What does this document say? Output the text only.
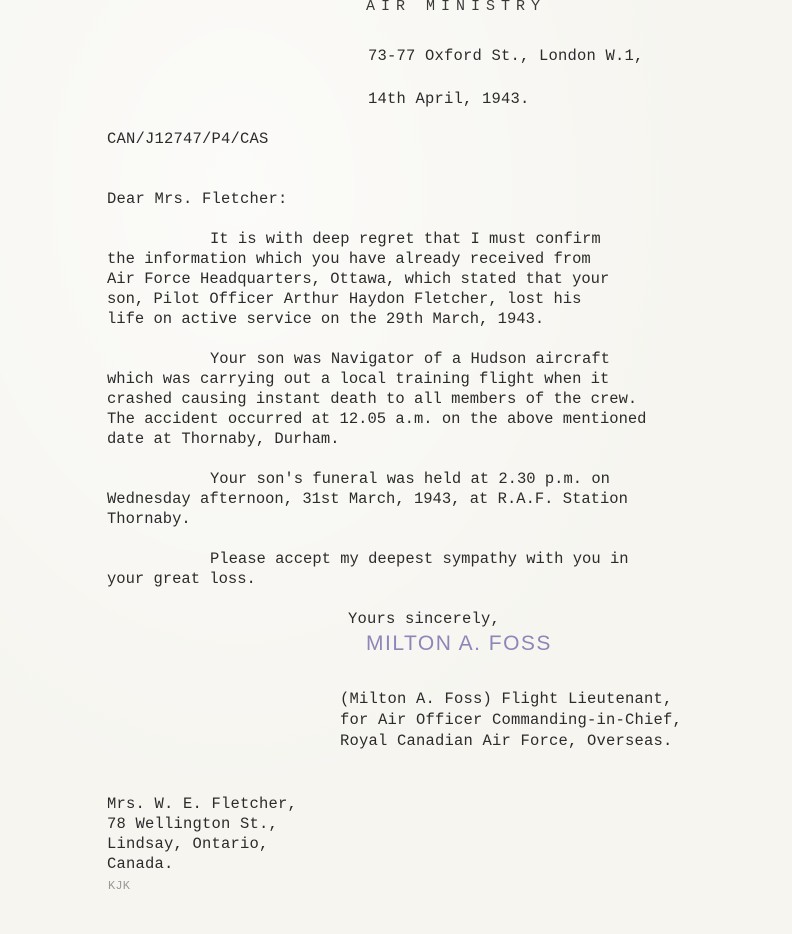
AIR MINISTRY
73-77 Oxford St., London W.1,
14th April, 1943.
CAN/J12747/P4/CAS
Dear Mrs. Fletcher:
It is with deep regret that I must confirm
the information which you have already received from
Air Force Headquarters, Ottawa, which stated that your
son, Pilot Officer Arthur Haydon Fletcher, lost his
life on active service on the 29th March, 1943.
Your son was Navigator of a Hudson aircraft
which was carrying out a local training flight when it
crashed causing instant death to all members of the crew.
The accident occurred at 12.05 a.m. on the above mentioned
date at Thornaby, Durham.
Your son's funeral was held at 2.30 p.m. on
Wednesday afternoon, 31st March, 1943, at R.A.F. Station
Thornaby.
Please accept my deepest sympathy with you in
your great loss.
Yours sincerely,
MILTON A. FOSS
(Milton A. Foss) Flight Lieutenant,
for Air Officer Commanding-in-Chief,
Royal Canadian Air Force, Overseas.
Mrs. W. E. Fletcher,
78 Wellington St.,
Lindsay, Ontario,
Canada.
KJK
